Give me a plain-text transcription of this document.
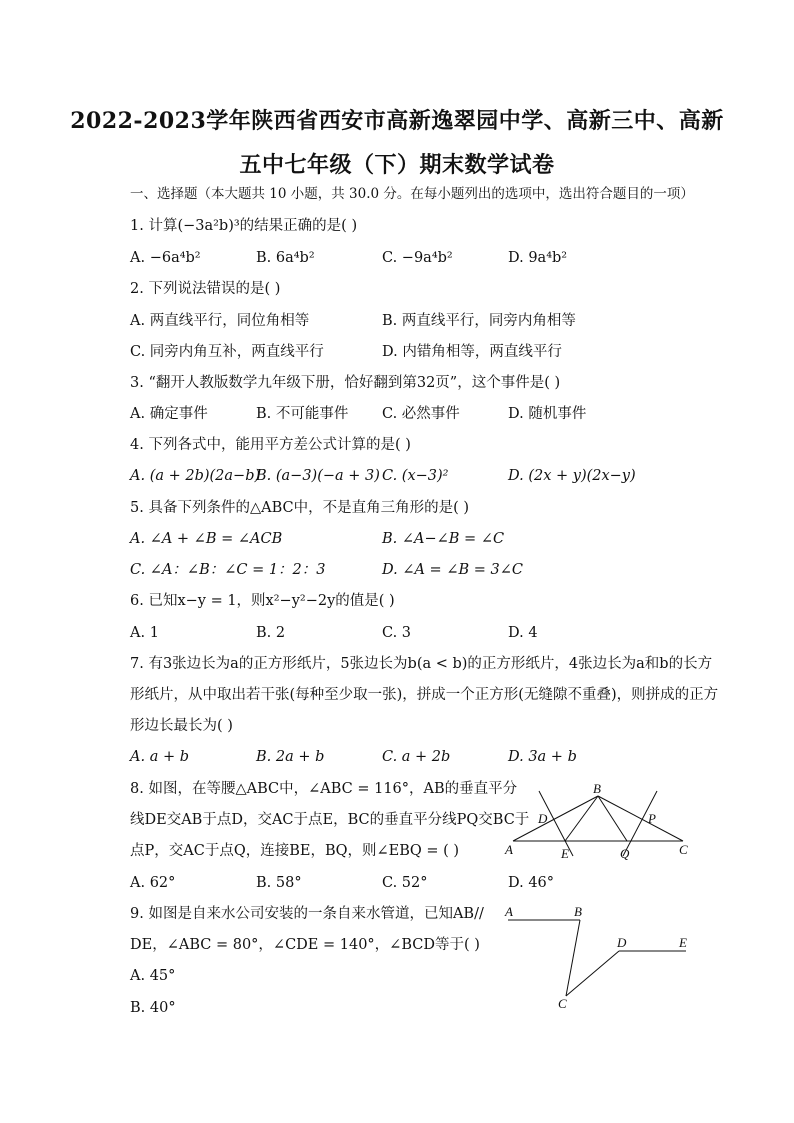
2022-2023学年陕西省西安市高新逸翠园中学、高新三中、高新
五中七年级（下）期末数学试卷
一、选择题（本大题共 10 小题，共 30.0 分。在每小题列出的选项中，选出符合题目的一项）
1. 计算(−3a²b)³的结果正确的是( )
A. −6a⁴b²	B. 6a⁴b²	C. −9a⁴b²	D. 9a⁴b²
2. 下列说法错误的是( )
A. 两直线平行，同位角相等	B. 两直线平行，同旁内角相等
C. 同旁内角互补，两直线平行	D. 内错角相等，两直线平行
3. “翻开人教版数学九年级下册，恰好翻到第32页”，这个事件是( )
A. 确定事件	B. 不可能事件 C. 必然事件	D. 随机事件
4. 下列各式中，能用平方差公式计算的是( )
A. (a + 2b)(2a−b)
B. (a−3)(−a + 3) C. (x−3)²	D. (2x + y)(2x−y)
5. 具备下列条件的△ABC中，不是直角三角形的是( )
A. ∠A + ∠B = ∠ACB	B. ∠A−∠B = ∠C
C. ∠A：∠B：∠C = 1：2：3	D. ∠A = ∠B = 3∠C
6. 已知x−y = 1，则x²−y²−2y的值是( )
A. 1	B. 2	C. 3	D. 4
7. 有3张边长为a的正方形纸片，5张边长为b(a < b)的正方形纸片，4张边长为a和b的长方
形纸片，从中取出若干张(每种至少取一张)，拼成一个正方形(无缝隙不重叠)，则拼成的正方
形边长最长为( )
A. a + b	B. 2a + b	C. a + 2b	D. 3a + b
8. 如图，在等腰△ABC中，∠ABC = 116°，AB的垂直平分
线DE交AB于点D，交AC于点E，BC的垂直平分线PQ交BC于
点P，交AC于点Q，连接BE，BQ，则∠EBQ = ( )
A. 62°	B. 58°	C. 52°	D. 46°
B
D	P
A	E	Q	C
9. 如图是自来水公司安装的一条自来水管道，已知AB//
DE，∠ABC = 80°，∠CDE = 140°，∠BCD等于( )
A. 45°
B. 40°
A	B
D	E
C
